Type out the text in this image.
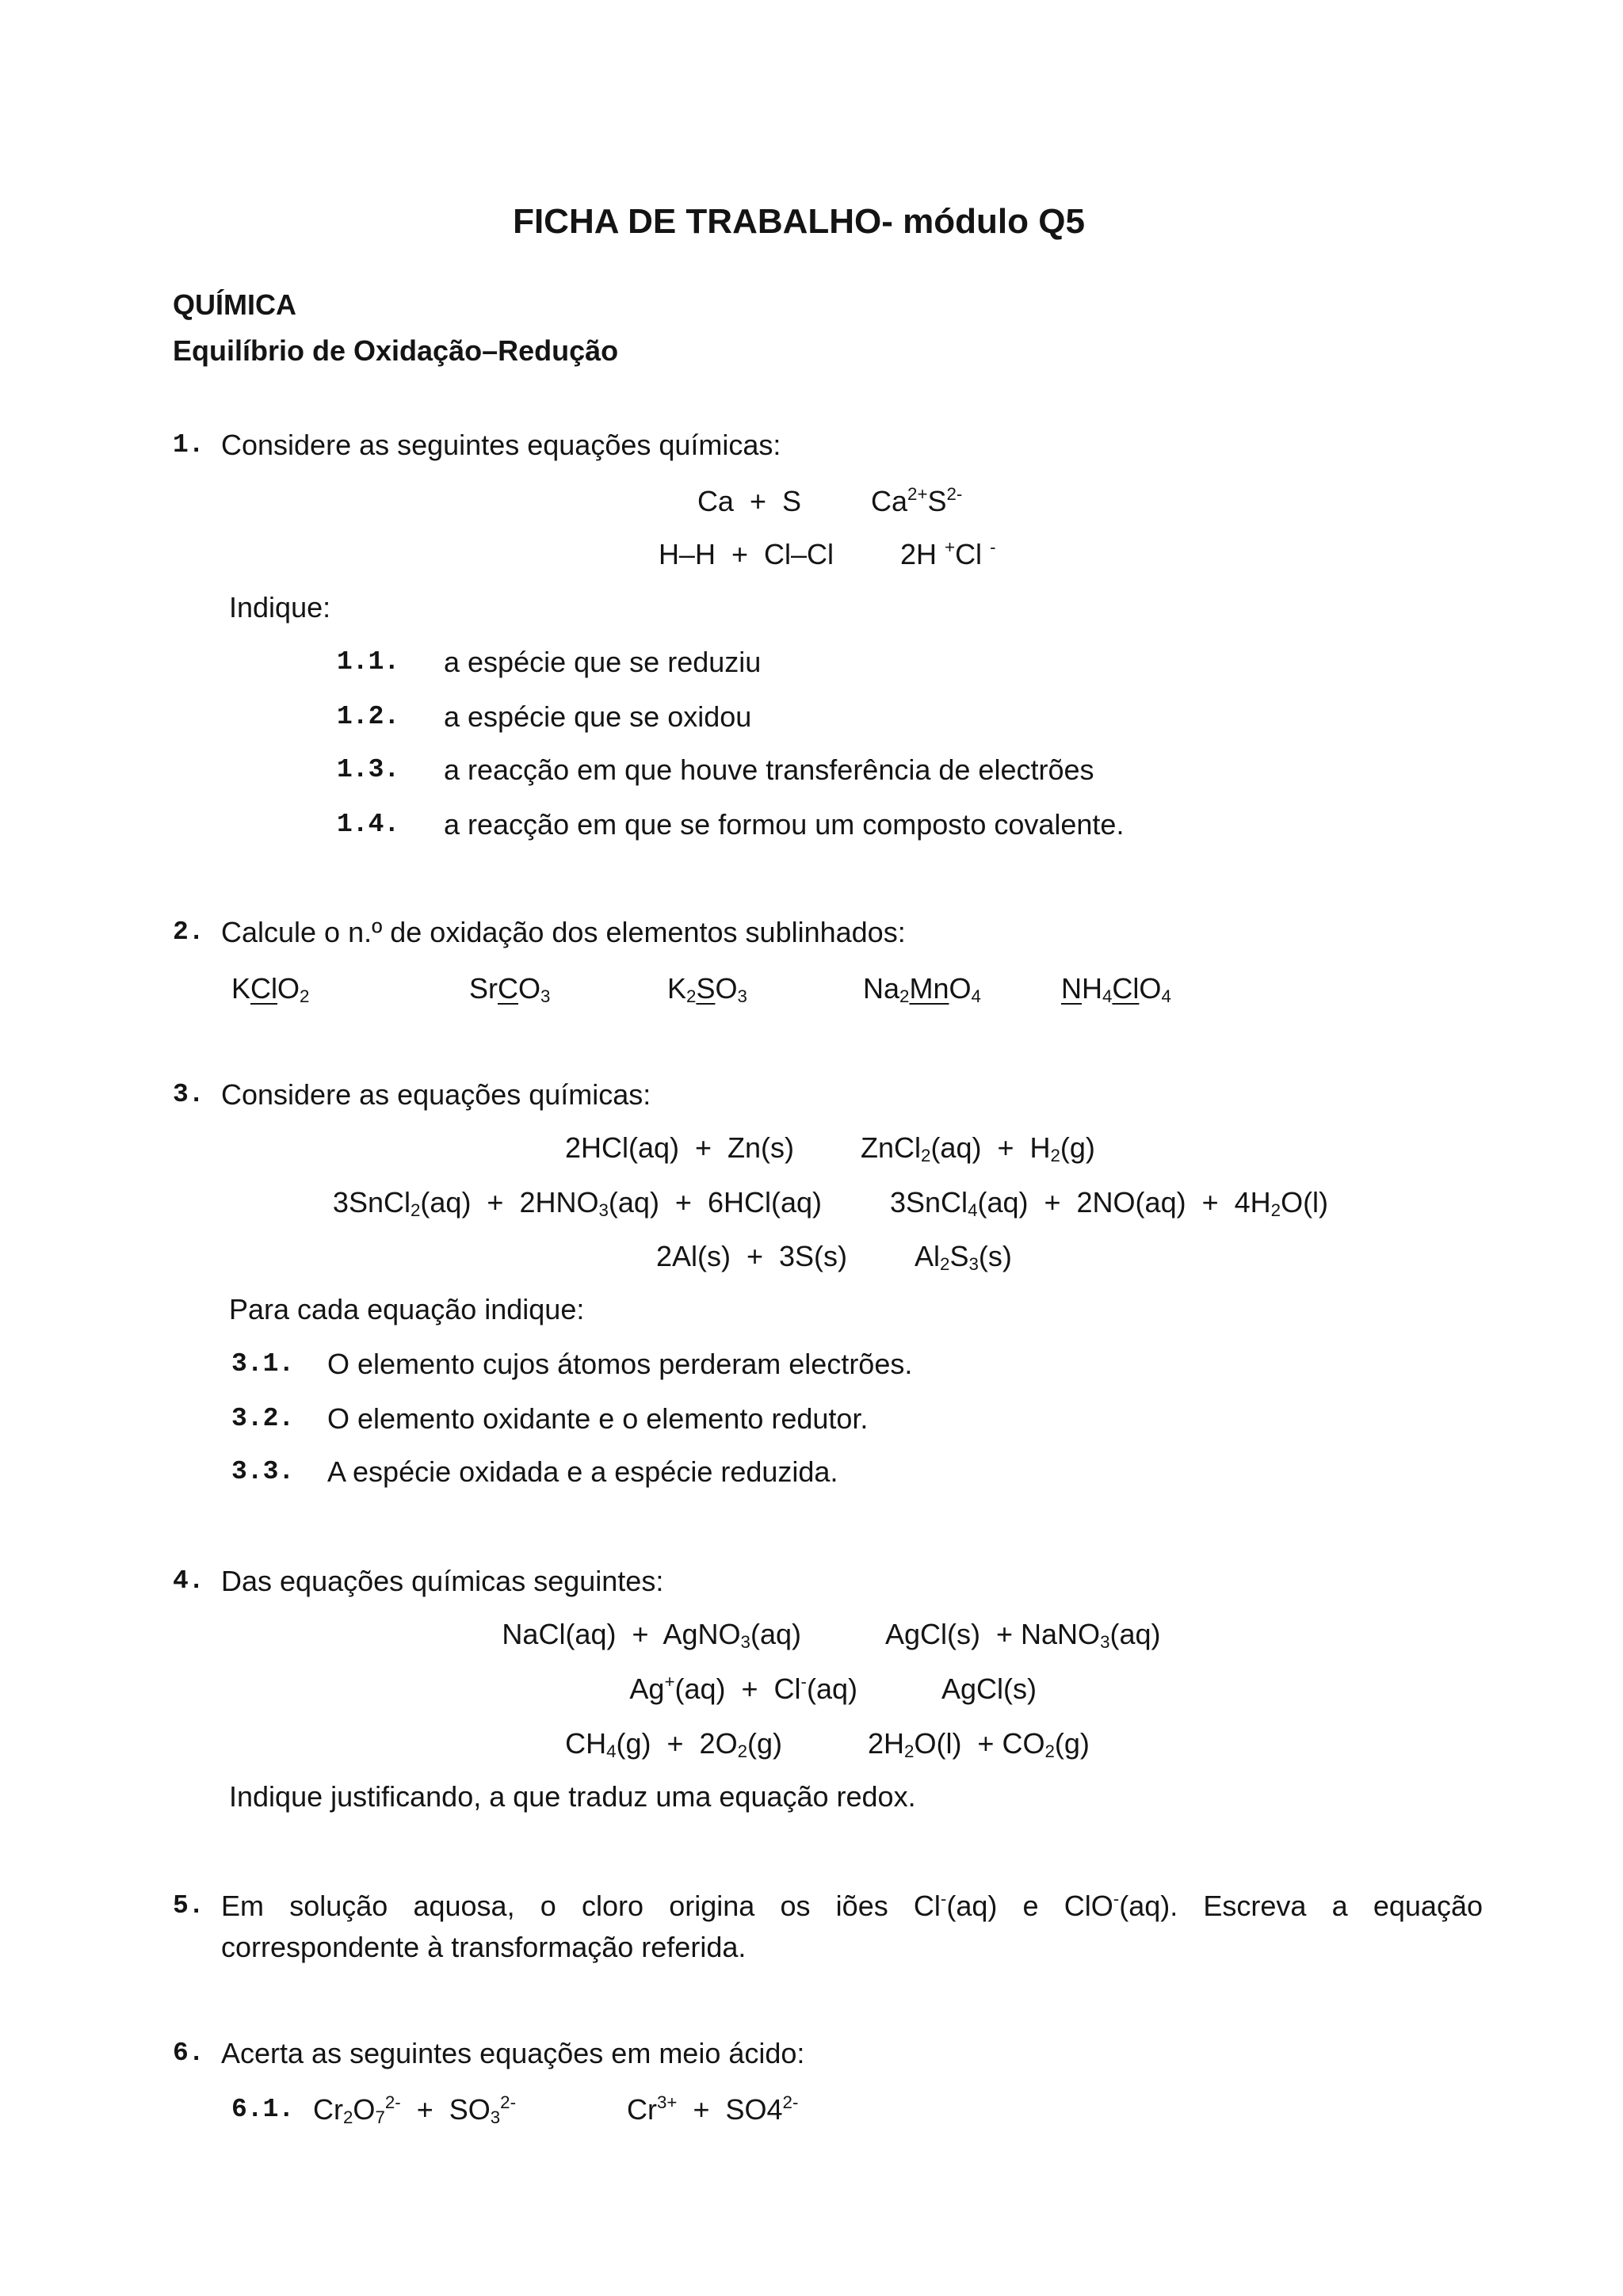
FICHA DE TRABALHO- módulo Q5
QUÍMICA
Equilíbrio de Oxidação–Redução
1. Considere as seguintes equações químicas:
Ca  +  S $Ca^{2+}S^{2-}$
H–H  +  Cl–Cl 2H +Cl -
Indique:
1.1. a espécie que se reduziu
1.2. a espécie que se oxidou
1.3. a reacção em que houve transferência de electrões
1.4. a reacção em que se formou um composto covalente.
2. Calcule o n.º de oxidação dos elementos sublinhados:
KClO2	SrCO3	K2SO3	Na2MnO4	NH4ClO4
3. Considere as equações químicas:
2HCl(aq)  +  Zn(s) ZnCl2(aq)  +  H2(g)
3SnCl2(aq)  +  2HNO3(aq)  +  6HCl(aq) 3SnCl4(aq)  +  2NO(aq)  +  4H2O(l)
2Al(s)  +  3S(s) Al2S3(s)
Para cada equação indique:
3.1. O elemento cujos átomos perderam electrões.
3.2. O elemento oxidante e o elemento redutor.
3.3. A espécie oxidada e a espécie reduzida.
4. Das equações químicas seguintes:
NaCl(aq)  +  AgNO3(aq)	AgCl(s)  + NaNO3(aq)
Ag+(aq)  +  Cl-(aq)	AgCl(s)
CH4(g)  +  2O2(g)	2H2O(l)  + CO2(g)
Indique justificando, a que traduz uma equação redox.
5. Em solução aquosa, o cloro origina os iões Cl-(aq) e ClO-(aq). Escreva a equação
correspondente à transformação referida.
6. Acerta as seguintes equações em meio ácido:
6.1. $Cr2O7^{2-} + SO3^{2-}$	$Cr^{3+} + SO4^{2-}$
